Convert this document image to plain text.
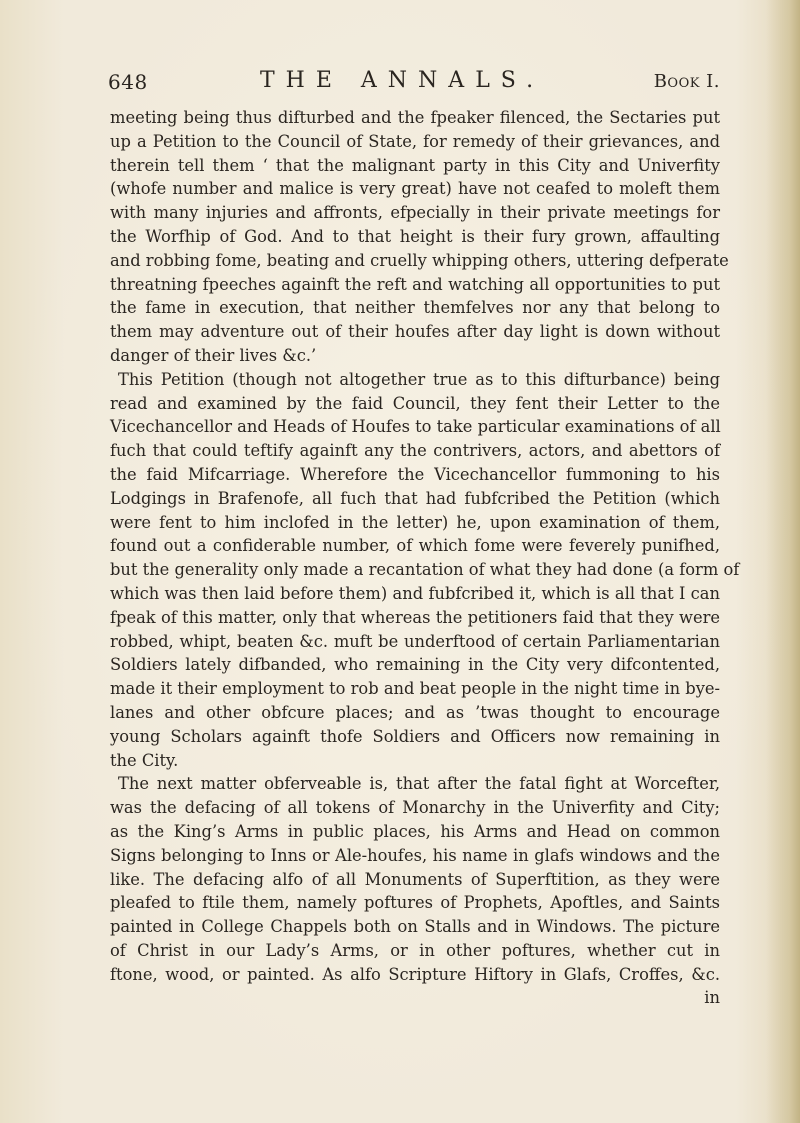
648	THE ANNALS.	Book I.
meeting being thus difturbed and the fpeaker filenced, the Sectaries put
up a Petition to the Council of State, for remedy of their grievances, and
therein tell them ‘ that the malignant party in this City and Univerfity
(whofe number and malice is very great) have not ceafed to moleft them
with many injuries and affronts, efpecially in their private meetings for
the Worfhip of God. And to that height is their fury grown, affaulting
and robbing fome, beating and cruelly whipping others, uttering defperate
threatning fpeeches againft the reft and watching all opportunities to put
the fame in execution, that neither themfelves nor any that belong to
them may adventure out of their houfes after day light is down without
danger of their lives &c.’
This Petition (though not altogether true as to this difturbance) being
read and examined by the faid Council, they fent their Letter to the
Vicechancellor and Heads of Houfes to take particular examinations of all
fuch that could teftify againft any the contrivers, actors, and abettors of
the faid Mifcarriage. Wherefore the Vicechancellor fummoning to his
Lodgings in Brafenofe, all fuch that had fubfcribed the Petition (which
were fent to him inclofed in the letter) he, upon examination of them,
found out a confiderable number, of which fome were feverely punifhed,
but the generality only made a recantation of what they had done (a form of
which was then laid before them) and fubfcribed it, which is all that I can
fpeak of this matter, only that whereas the petitioners faid that they were
robbed, whipt, beaten &c. muft be underftood of certain Parliamentarian
Soldiers lately difbanded, who remaining in the City very difcontented,
made it their employment to rob and beat people in the night time in bye-
lanes and other obfcure places; and as ’twas thought to encourage
young Scholars againft thofe Soldiers and Officers now remaining in
the City.
The next matter obferveable is, that after the fatal fight at Worcefter,
was the defacing of all tokens of Monarchy in the Univerfity and City;
as the King’s Arms in public places, his Arms and Head on common
Signs belonging to Inns or Ale-houfes, his name in glafs windows and the
like. The defacing alfo of all Monuments of Superftition, as they were
pleafed to ftile them, namely poftures of Prophets, Apoftles, and Saints
painted in College Chappels both on Stalls and in Windows. The picture
of Christ in our Lady’s Arms, or in other poftures, whether cut in
ftone, wood, or painted. As alfo Scripture Hiftory in Glafs, Croffes, &c.
in
